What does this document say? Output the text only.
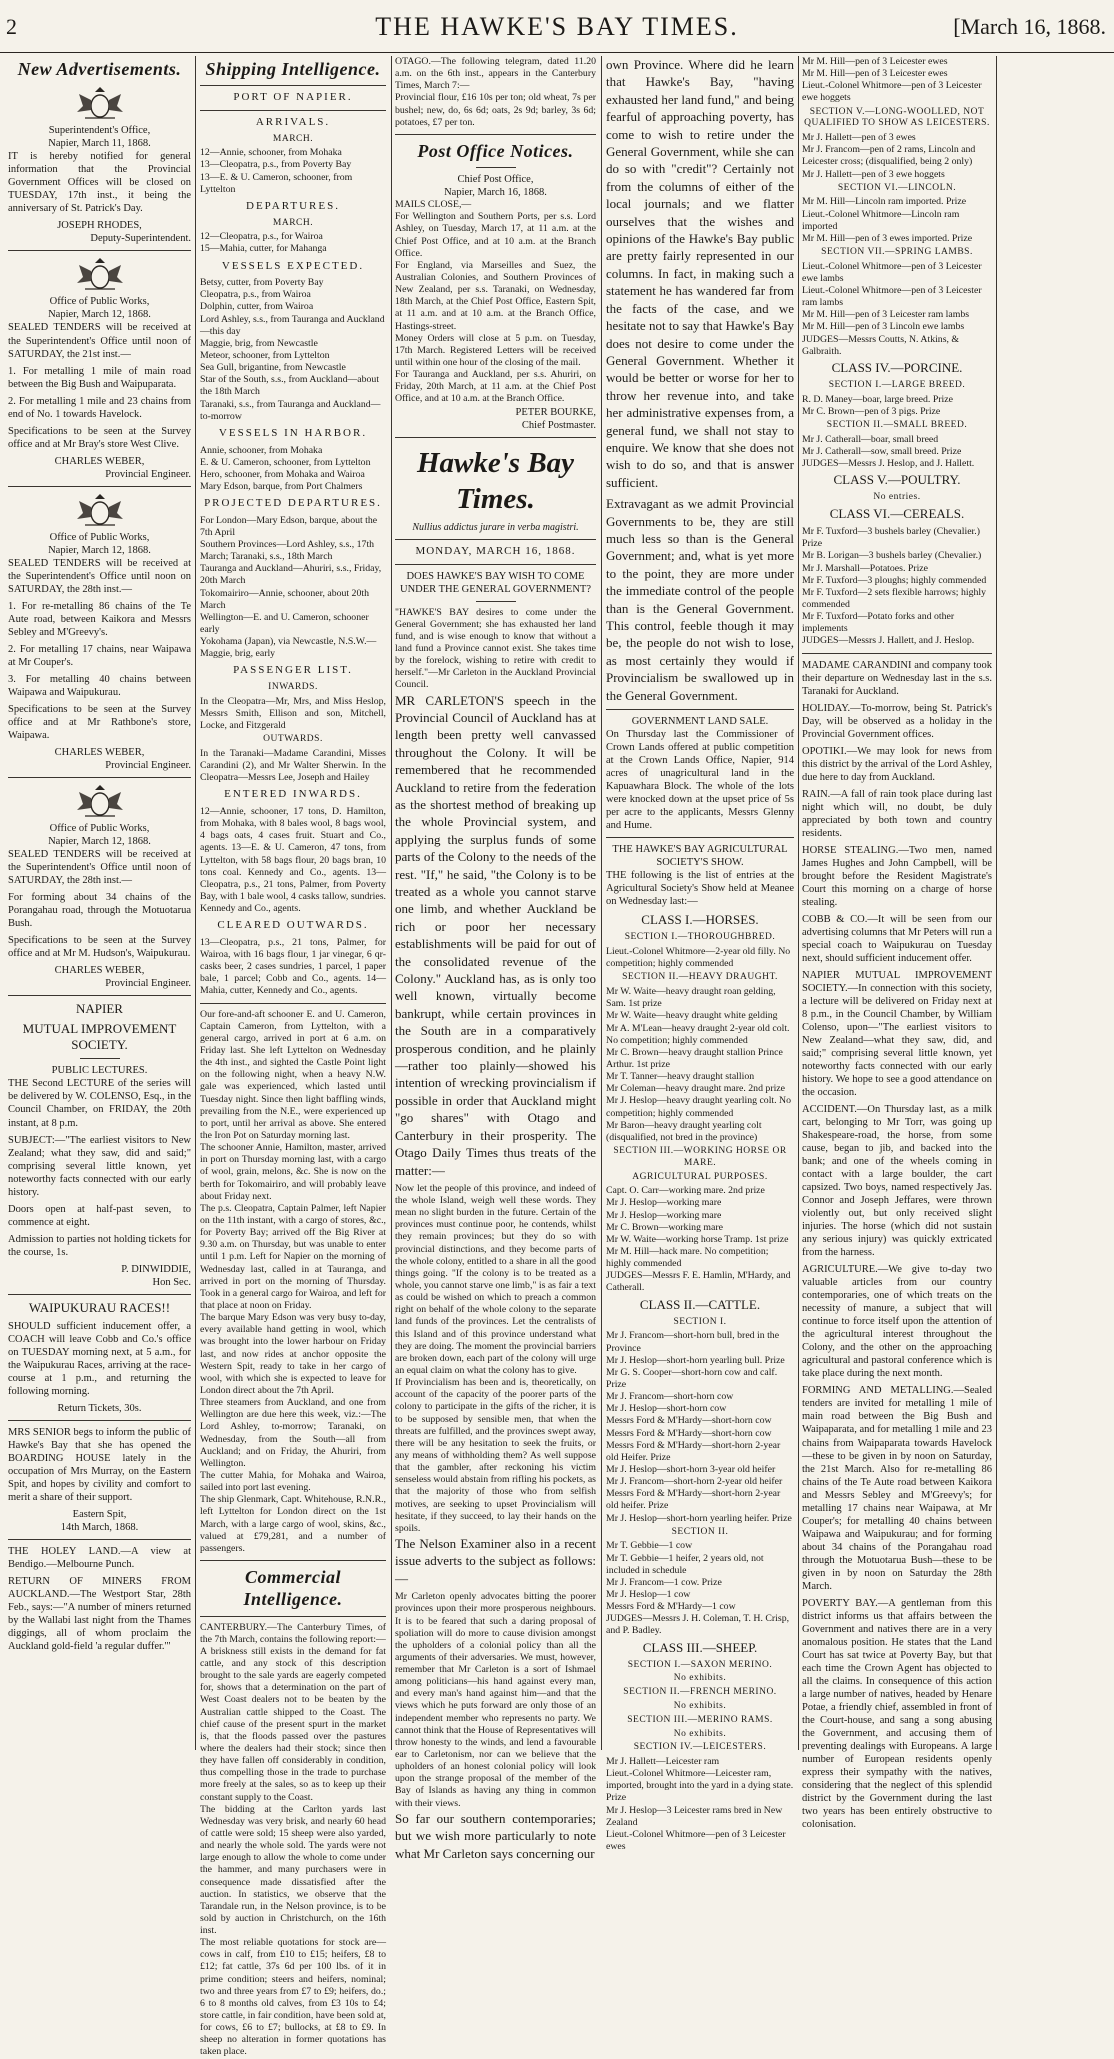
2	THE HAWKE'S BAY TIMES.	[March 16, 1868.
New Advertisements.
Superintendent's Office,
Napier, March 11, 1868.

IT is hereby notified for general information that the Provincial Government Offices will be closed on TUESDAY, 17th inst., it being the anniversary of St. Patrick's Day.

JOSEPH RHODES,
Deputy-Superintendent.
Office of Public Works,
Napier, March 12, 1868.

SEALED TENDERS will be received at the Superintendent's Office until noon of SATURDAY, the 21st inst.—

1. For metalling 1 mile of main road between the Big Bush and Waipuparata.

2. For metalling 1 mile and 23 chains from end of No. 1 towards Havelock.

Specifications to be seen at the Survey office and at Mr Bray's store West Clive.

CHARLES WEBER,
Provincial Engineer.
Office of Public Works,
Napier, March 12, 1868.

SEALED TENDERS will be received at the Superintendent's Office until noon on SATURDAY, the 28th inst.—

1. For re-metalling 86 chains of the Te Aute road, between Kaikora and Messrs Sebley and M'Greevy's.

2. For metalling 17 chains, near Waipawa at Mr Couper's.

3. For metalling 40 chains between Waipawa and Waipukurau.

Specifications to be seen at the Survey office and at Mr Rathbone's store, Waipawa.

CHARLES WEBER,
Provincial Engineer.
Office of Public Works,
Napier, March 12, 1868.

SEALED TENDERS will be received at the Superintendent's Office until noon of SATURDAY, the 28th inst.—

For forming about 34 chains of the Porangahau road, through the Motuotarua Bush.

Specifications to be seen at the Survey office and at Mr M. Hudson's, Waipukurau.

CHARLES WEBER,
Provincial Engineer.
NAPIER
MUTUAL IMPROVEMENT SOCIETY.
PUBLIC LECTURES.

THE Second LECTURE of the series will be delivered by W. COLENSO, Esq., in the Council Chamber, on FRIDAY, the 20th instant, at 8 p.m.

SUBJECT:—"The earliest visitors to New Zealand; what they saw, did and said;" comprising several little known, yet noteworthy facts connected with our early history.

Doors open at half-past seven, to commence at eight.

Admission to parties not holding tickets for the course, 1s.

P. DINWIDDIE,
Hon Sec.
WAIPUKURAU RACES!!

SHOULD sufficient inducement offer, a COACH will leave Cobb and Co.'s office on TUESDAY morning next, at 5 a.m., for the Waipukurau Races, arriving at the race-course at 1 p.m., and returning the following morning.

Return Tickets, 30s.

MRS SENIOR begs to inform the public of Hawke's Bay that she has opened the BOARDING HOUSE lately in the occupation of Mrs Murray, on the Eastern Spit, and hopes by civility and comfort to merit a share of their support.

Eastern Spit,
14th March, 1868.

THE HOLEY LAND.—A view at Bendigo.—Melbourne Punch.

RETURN OF MINERS FROM AUCKLAND.—The Westport Star, 28th Feb., says:—"A number of miners returned by the Wallabi last night from the Thames diggings, all of whom proclaim the Auckland gold-field 'a regular duffer.'"

Shipping Intelligence.
PORT OF NAPIER.
ARRIVALS.
MARCH.
12—Annie, schooner, from Mohaka
13—Cleopatra, p.s., from Poverty Bay
13—E. & U. Cameron, schooner, from Lyttelton
DEPARTURES.
MARCH.
12—Cleopatra, p.s., for Wairoa
15—Mahia, cutter, for Mahanga
VESSELS EXPECTED.
Betsy, cutter, from Poverty Bay
Cleopatra, p.s., from Wairoa
Dolphin, cutter, from Wairoa
Lord Ashley, s.s., from Tauranga and Auckland—this day
Maggie, brig, from Newcastle
Meteor, schooner, from Lyttelton
Sea Gull, brigantine, from Newcastle
Star of the South, s.s., from Auckland—about the 18th March
Taranaki, s.s., from Tauranga and Auckland—to-morrow
VESSELS IN HARBOR.
Annie, schooner, from Mohaka
E. & U. Cameron, schooner, from Lyttelton
Hero, schooner, from Mohaka and Wairoa
Mary Edson, barque, from Port Chalmers
PROJECTED DEPARTURES.
For London—Mary Edson, barque, about the 7th April
Southern Provinces—Lord Ashley, s.s., 17th March; Taranaki, s.s., 18th March
Tauranga and Auckland—Ahuriri, s.s., Friday, 20th March
Tokomairiro—Annie, schooner, about 20th March
Wellington—E. and U. Cameron, schooner early
Yokohama (Japan), via Newcastle, N.S.W.—Maggie, brig, early
PASSENGER LIST.
INWARDS.

In the Cleopatra—Mr, Mrs, and Miss Heslop, Messrs Smith, Ellison and son, Mitchell, Locke, and Fitzgerald

OUTWARDS.

In the Taranaki—Madame Carandini, Misses Carandini (2), and Mr Walter Sherwin. In the Cleopatra—Messrs Lee, Joseph and Hailey

ENTERED INWARDS.

12—Annie, schooner, 17 tons, D. Hamilton, from Mohaka, with 8 bales wool, 8 bags wool, 4 bags oats, 4 cases fruit. Stuart and Co., agents. 13—E. & U. Cameron, 47 tons, from Lyttelton, with 58 bags flour, 20 bags bran, 10 tons coal. Kennedy and Co., agents. 13—Cleopatra, p.s., 21 tons, Palmer, from Poverty Bay, with 1 bale wool, 4 casks tallow, sundries. Kennedy and Co., agents.

CLEARED OUTWARDS.

13—Cleopatra, p.s., 21 tons, Palmer, for Wairoa, with 16 bags flour, 1 jar vinegar, 6 qr-casks beer, 2 cases sundries, 1 parcel, 1 paper bale, 1 parcel; Cobb and Co., agents. 14—Mahia, cutter, Kennedy and Co., agents.

Our fore-and-aft schooner E. and U. Cameron, Captain Cameron, from Lyttelton, with a general cargo, arrived in port at 6 a.m. on Friday last. She left Lyttelton on Wednesday the 4th inst., and sighted the Castle Point light on the following night, when a heavy N.W. gale was experienced, which lasted until Tuesday night. Since then light baffling winds, prevailing from the N.E., were experienced up to port, until her arrival as above. She entered the Iron Pot on Saturday morning last.

The schooner Annie, Hamilton, master, arrived in port on Thursday morning last, with a cargo of wool, grain, melons, &c. She is now on the berth for Tokomairiro, and will probably leave about Friday next.

The p.s. Cleopatra, Captain Palmer, left Napier on the 11th instant, with a cargo of stores, &c., for Poverty Bay; arrived off the Big River at 9.30 a.m. on Thursday, but was unable to enter until 1 p.m. Left for Napier on the morning of Wednesday last, called in at Tauranga, and arrived in port on the morning of Thursday. Took in a general cargo for Wairoa, and left for that place at noon on Friday.

The barque Mary Edson was very busy to-day, every available hand getting in wool, which was brought into the lower harbour on Friday last, and now rides at anchor opposite the Western Spit, ready to take in her cargo of wool, with which she is expected to leave for London direct about the 7th April.

Three steamers from Auckland, and one from Wellington are due here this week, viz.:—The Lord Ashley, to-morrow; Taranaki, on Wednesday, from the South—all from Auckland; and on Friday, the Ahuriri, from Wellington.

The cutter Mahia, for Mohaka and Wairoa, sailed into port last evening.

The ship Glenmark, Capt. Whitehouse, R.N.R., left Lyttelton for London direct on the 1st March, with a large cargo of wool, skins, &c., valued at £79,281, and a number of passengers.

Commercial Intelligence.

CANTERBURY.—The Canterbury Times, of the 7th March, contains the following report:—

A briskness still exists in the demand for fat cattle, and any stock of this description brought to the sale yards are eagerly competed for, shows that a determination on the part of West Coast dealers not to be beaten by the Australian cattle shipped to the Coast. The chief cause of the present spurt in the market is, that the floods passed over the pastures where the dealers had their stock; since then they have fallen off considerably in condition, thus compelling those in the trade to purchase more freely at the sales, so as to keep up their constant supply to the Coast.

The bidding at the Carlton yards last Wednesday was very brisk, and nearly 60 head of cattle were sold; 15 sheep were also yarded, and nearly the whole sold. The yards were not large enough to allow the whole to come under the hammer, and many purchasers were in consequence made dissatisfied after the auction. In statistics, we observe that the Tarandale run, in the Nelson province, is to be sold by auction in Christchurch, on the 16th inst.

The most reliable quotations for stock are—cows in calf, from £10 to £15; heifers, £8 to £12; fat cattle, 37s 6d per 100 lbs. of it in prime condition; steers and heifers, nominal; two and three years from £7 to £9; heifers, do.; 6 to 8 months old calves, from £3 10s to £4; store cattle, in fair condition, have been sold at, for cows, £6 to £7; bullocks, at £8 to £9. In sheep no alteration in former quotations has taken place.

OTAGO.—The following telegram, dated 11.20 a.m. on the 6th inst., appears in the Canterbury Times, March 7:—

Provincial flour, £16 10s per ton; old wheat, 7s per bushel; new, do, 6s 6d; oats, 2s 9d; barley, 3s 6d; potatoes, £7 per ton.

Post Office Notices.
Chief Post Office,
Napier, March 16, 1868.
MAILS CLOSE,—

For Wellington and Southern Ports, per s.s. Lord Ashley, on Tuesday, March 17, at 11 a.m. at the Chief Post Office, and at 10 a.m. at the Branch Office.

For England, via Marseilles and Suez, the Australian Colonies, and Southern Provinces of New Zealand, per s.s. Taranaki, on Wednesday, 18th March, at the Chief Post Office, Eastern Spit, at 11 a.m. and at 10 a.m. at the Branch Office, Hastings-street.

Money Orders will close at 5 p.m. on Tuesday, 17th March. Registered Letters will be received until within one hour of the closing of the mail.

For Tauranga and Auckland, per s.s. Ahuriri, on Friday, 20th March, at 11 a.m. at the Chief Post Office, and at 10 a.m. at the Branch Office.

PETER BOURKE,
Chief Postmaster.
Hawke's Bay Times.
Nullius addictus jurare in verba magistri.
MONDAY, MARCH 16, 1868.
DOES HAWKE'S BAY WISH TO COME UNDER THE GENERAL GOVERNMENT?

"HAWKE'S BAY desires to come under the General Government; she has exhausted her land fund, and is wise enough to know that without a land fund a Province cannot exist. She takes time by the forelock, wishing to retire with credit to herself."—Mr Carleton in the Auckland Provincial Council.

MR CARLETON'S speech in the Provincial Council of Auckland has at length been pretty well canvassed throughout the Colony. It will be remembered that he recommended Auckland to retire from the federation as the shortest method of breaking up the whole Provincial system, and applying the surplus funds of some parts of the Colony to the needs of the rest. "If," he said, "the Colony is to be treated as a whole you cannot starve one limb, and whether Auckland be rich or poor her necessary establishments will be paid for out of the consolidated revenue of the Colony." Auckland has, as is only too well known, virtually become bankrupt, while certain provinces in the South are in a comparatively prosperous condition, and he plainly—rather too plainly—showed his intention of wrecking provincialism if possible in order that Auckland might "go shares" with Otago and Canterbury in their prosperity. The Otago Daily Times thus treats of the matter:—

Now let the people of this province, and indeed of the whole Island, weigh well these words. They mean no slight burden in the future. Certain of the provinces must continue poor, he contends, whilst they remain provinces; but they do so with provincial distinctions, and they become parts of the whole colony, entitled to a share in all the good things going. "If the colony is to be treated as a whole, you cannot starve one limb," is as fair a text as could be wished on which to preach a common right on behalf of the whole colony to the separate land funds of the provinces. Let the centralists of this Island and of this province understand what they are doing. The moment the provincial barriers are broken down, each part of the colony will urge an equal claim on what the colony has to give.

If Provincialism has been and is, theoretically, on account of the capacity of the poorer parts of the colony to participate in the gifts of the richer, it is to be supposed by sensible men, that when the threats are fulfilled, and the provinces swept away, there will be any hesitation to seek the fruits, or any means of withholding them? As well suppose that the gambler, after reckoning his victim senseless would abstain from rifling his pockets, as that the majority of those who from selfish motives, are seeking to upset Provincialism will hesitate, if they succeed, to lay their hands on the spoils.

The Nelson Examiner also in a recent issue adverts to the subject as follows:—

Mr Carleton openly advocates bitting the poorer provinces upon their more prosperous neighbours. It is to be feared that such a daring proposal of spoliation will do more to cause division amongst the upholders of a colonial policy than all the arguments of their adversaries. We must, however, remember that Mr Carleton is a sort of Ishmael among politicians—his hand against every man, and every man's hand against him—and that the views which he puts forward are only those of an independent member who represents no party. We cannot think that the House of Representatives will throw honesty to the winds, and lend a favourable ear to Carletonism, nor can we believe that the upholders of an honest colonial policy will look upon the strange proposal of the member of the Bay of Islands as having any thing in common with their views.

So far our southern contemporaries; but we wish more particularly to note what Mr Carleton says concerning our

own Province. Where did he learn that Hawke's Bay, "having exhausted her land fund," and being fearful of approaching poverty, has come to wish to retire under the General Government, while she can do so with "credit"? Certainly not from the columns of either of the local journals; and we flatter ourselves that the wishes and opinions of the Hawke's Bay public are pretty fairly represented in our columns. In fact, in making such a statement he has wandered far from the facts of the case, and we hesitate not to say that Hawke's Bay does not desire to come under the General Government. Whether it would be better or worse for her to throw her revenue into, and take her administrative expenses from, a general fund, we shall not stay to enquire. We know that she does not wish to do so, and that is answer sufficient.

Extravagant as we admit Provincial Governments to be, they are still much less so than is the General Government; and, what is yet more to the point, they are more under the immediate control of the people than is the General Government. This control, feeble though it may be, the people do not wish to lose, as most certainly they would if Provincialism be swallowed up in the General Government.

GOVERNMENT LAND SALE.

On Thursday last the Commissioner of Crown Lands offered at public competition at the Crown Lands Office, Napier, 914 acres of unagricultural land in the Kapuawhara Block. The whole of the lots were knocked down at the upset price of 5s per acre to the applicants, Messrs Glenny and Hume.

THE HAWKE'S BAY AGRICULTURAL SOCIETY'S SHOW.

THE following is the list of entries at the Agricultural Society's Show held at Meanee on Wednesday last:—

CLASS I.—HORSES.
SECTION I.—THOROUGHBRED.
Lieut.-Colonel Whitmore—2-year old filly. No competition; highly commended
SECTION II.—HEAVY DRAUGHT.
Mr W. Waite—heavy draught roan gelding, Sam. 1st prize
Mr W. Waite—heavy draught white gelding
Mr A. M'Lean—heavy draught 2-year old colt. No competition; highly commended
Mr C. Brown—heavy draught stallion Prince Arthur. 1st prize
Mr T. Tanner—heavy draught stallion
Mr Coleman—heavy draught mare. 2nd prize
Mr J. Heslop—heavy draught yearling colt. No competition; highly commended
Mr Baron—heavy draught yearling colt (disqualified, not bred in the province)
SECTION III.—WORKING HORSE OR MARE.
AGRICULTURAL PURPOSES.
Capt. O. Carr—working mare. 2nd prize
Mr J. Heslop—working mare
Mr J. Heslop—working mare
Mr C. Brown—working mare
Mr W. Waite—working horse Tramp. 1st prize
Mr M. Hill—hack mare. No competition; highly commended
JUDGES—Messrs F. E. Hamlin, M'Hardy, and Catherall.
CLASS II.—CATTLE.
SECTION I.
Mr J. Francom—short-horn bull, bred in the Province
Mr J. Heslop—short-horn yearling bull. Prize
Mr G. S. Cooper—short-horn cow and calf. Prize
Mr J. Francom—short-horn cow
Mr J. Heslop—short-horn cow
Messrs Ford & M'Hardy—short-horn cow
Messrs Ford & M'Hardy—short-horn cow
Messrs Ford & M'Hardy—short-horn 2-year old Heifer. Prize
Mr J. Heslop—short-horn 3-year old heifer
Mr J. Francom—short-horn 2-year old heifer
Messrs Ford & M'Hardy—short-horn 2-year old heifer. Prize
Mr J. Heslop—short-horn yearling heifer. Prize
SECTION II.
Mr T. Gebbie—1 cow
Mr T. Gebbie—1 heifer, 2 years old, not included in schedule
Mr J. Francom—1 cow. Prize
Mr J. Heslop—1 cow
Messrs Ford & M'Hardy—1 cow
JUDGES—Messrs J. H. Coleman, T. H. Crisp, and P. Badley.
CLASS III.—SHEEP.
SECTION I.—SAXON MERINO.
No exhibits.
SECTION II.—FRENCH MERINO.
No exhibits.
SECTION III.—MERINO RAMS.
No exhibits.
SECTION IV.—LEICESTERS.
Mr J. Hallett—Leicester ram
Lieut.-Colonel Whitmore—Leicester ram, imported, brought into the yard in a dying state. Prize
Mr J. Heslop—3 Leicester rams bred in New Zealand
Lieut.-Colonel Whitmore—pen of 3 Leicester ewes
Mr M. Hill—pen of 3 Leicester ewes
Mr M. Hill—pen of 3 Leicester ewes
Lieut.-Colonel Whitmore—pen of 3 Leicester ewe hoggets
SECTION V.—LONG-WOOLLED, NOT QUALIFIED TO SHOW AS LEICESTERS.
Mr J. Hallett—pen of 3 ewes
Mr J. Francom—pen of 2 rams, Lincoln and Leicester cross; (disqualified, being 2 only)
Mr J. Hallett—pen of 3 ewe hoggets
SECTION VI.—LINCOLN.
Mr M. Hill—Lincoln ram imported. Prize
Lieut.-Colonel Whitmore—Lincoln ram imported
Mr M. Hill—pen of 3 ewes imported. Prize
SECTION VII.—SPRING LAMBS.
Lieut.-Colonel Whitmore—pen of 3 Leicester ewe lambs
Lieut.-Colonel Whitmore—pen of 3 Leicester ram lambs
Mr M. Hill—pen of 3 Leicester ram lambs
Mr M. Hill—pen of 3 Lincoln ewe lambs
JUDGES—Messrs Coutts, N. Atkins, & Galbraith.
CLASS IV.—PORCINE.
SECTION I.—LARGE BREED.
R. D. Maney—boar, large breed. Prize
Mr C. Brown—pen of 3 pigs. Prize
SECTION II.—SMALL BREED.
Mr J. Catherall—boar, small breed
Mr J. Catherall—sow, small breed. Prize
JUDGES—Messrs J. Heslop, and J. Hallett.
CLASS V.—POULTRY.
No entries.
CLASS VI.—CEREALS.
Mr F. Tuxford—3 bushels barley (Chevalier.) Prize
Mr B. Lorigan—3 bushels barley (Chevalier.)
Mr J. Marshall—Potatoes. Prize
Mr F. Tuxford—3 ploughs; highly commended
Mr F. Tuxford—2 sets flexible harrows; highly commended
Mr F. Tuxford—Potato forks and other implements
JUDGES—Messrs J. Hallett, and J. Heslop.

MADAME CARANDINI and company took their departure on Wednesday last in the s.s. Taranaki for Auckland.

HOLIDAY.—To-morrow, being St. Patrick's Day, will be observed as a holiday in the Provincial Government offices.

OPOTIKI.—We may look for news from this district by the arrival of the Lord Ashley, due here to day from Auckland.

RAIN.—A fall of rain took place during last night which will, no doubt, be duly appreciated by both town and country residents.

HORSE STEALING.—Two men, named James Hughes and John Campbell, will be brought before the Resident Magistrate's Court this morning on a charge of horse stealing.

COBB & CO.—It will be seen from our advertising columns that Mr Peters will run a special coach to Waipukurau on Tuesday next, should sufficient inducement offer.

NAPIER MUTUAL IMPROVEMENT SOCIETY.—In connection with this society, a lecture will be delivered on Friday next at 8 p.m., in the Council Chamber, by William Colenso, upon—"The earliest visitors to New Zealand—what they saw, did, and said;" comprising several little known, yet noteworthy facts connected with our early history. We hope to see a good attendance on the occasion.

ACCIDENT.—On Thursday last, as a milk cart, belonging to Mr Torr, was going up Shakespeare-road, the horse, from some cause, began to jib, and backed into the bank; and one of the wheels coming in contact with a large boulder, the cart capsized. Two boys, named respectively Jas. Connor and Joseph Jeffares, were thrown violently out, but only received slight injuries. The horse (which did not sustain any serious injury) was quickly extricated from the harness.

AGRICULTURE.—We give to-day two valuable articles from our country contemporaries, one of which treats on the necessity of manure, a subject that will continue to force itself upon the attention of the agricultural interest throughout the Colony, and the other on the approaching agricultural and pastoral conference which is take place during the next month.

FORMING AND METALLING.—Sealed tenders are invited for metalling 1 mile of main road between the Big Bush and Waipaparata, and for metalling 1 mile and 23 chains from Waipaparata towards Havelock—these to be given in by noon on Saturday, the 21st March. Also for re-metalling 86 chains of the Te Aute road between Kaikora and Messrs Sebley and M'Greevy's; for metalling 17 chains near Waipawa, at Mr Couper's; for metalling 40 chains between Waipawa and Waipukurau; and for forming about 34 chains of the Porangahau road through the Motuotarua Bush—these to be given in by noon on Saturday the 28th March.

POVERTY BAY.—A gentleman from this district informs us that affairs between the Government and natives there are in a very anomalous position. He states that the Land Court has sat twice at Poverty Bay, but that each time the Crown Agent has objected to all the claims. In consequence of this action a large number of natives, headed by Henare Potae, a friendly chief, assembled in front of the Court-house, and sang a song abusing the Government, and accusing them of preventing dealings with Europeans. A large number of European residents openly express their sympathy with the natives, considering that the neglect of this splendid district by the Government during the last two years has been entirely obstructive to colonisation.
